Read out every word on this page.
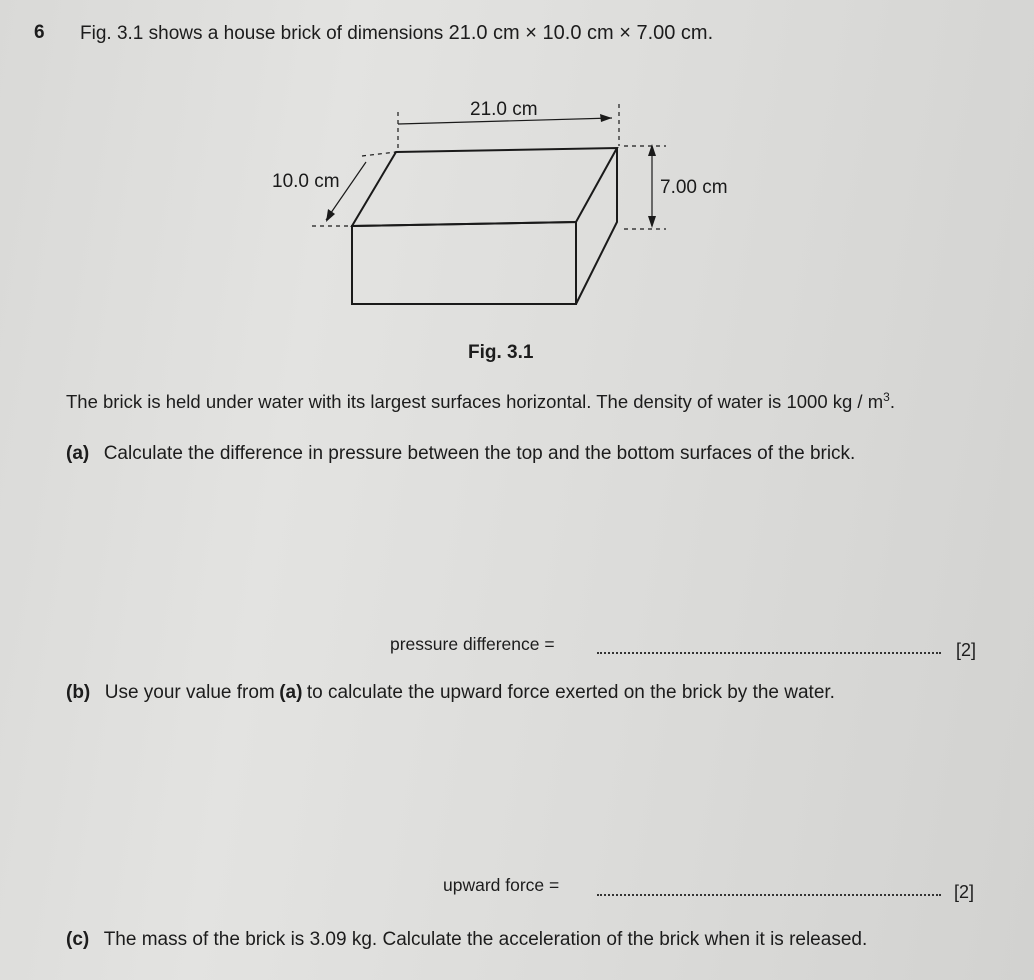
6 Fig. 3.1 shows a house brick of dimensions 21.0 cm × 10.0 cm × 7.00 cm.
21.0 cm
10.0 cm	7.00 cm
Fig. 3.1
The brick is held under water with its largest surfaces horizontal. The density of water is 1000 kg / $m^3$.
(a) Calculate the difference in pressure between the top and the bottom surfaces of the brick.
pressure difference =	[2]
(b) Use your value from (a) to calculate the upward force exerted on the brick by the water.
upward force =	[2]
(c) The mass of the brick is 3.09 kg. Calculate the acceleration of the brick when it is released.
